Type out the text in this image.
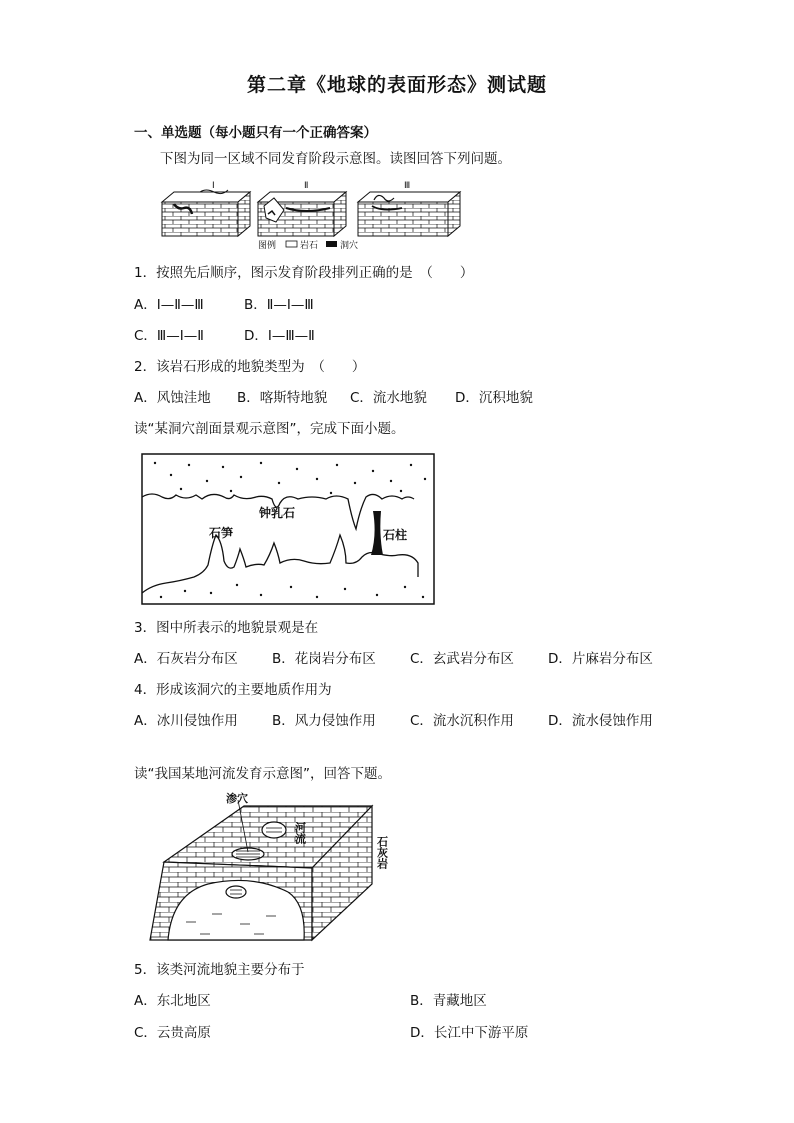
第二章《地球的表面形态》测试题
一、单选题（每小题只有一个正确答案）
下图为同一区域不同发育阶段示意图。读图回答下列问题。
Ⅰ	Ⅱ	Ⅲ
图例	岩石 洞穴
1．按照先后顺序，图示发育阶段排列正确的是　（　　）
A．Ⅰ—Ⅱ—Ⅲ	B．Ⅱ—Ⅰ—Ⅲ
C．Ⅲ—Ⅰ—Ⅱ	D．Ⅰ—Ⅲ—Ⅱ
2．该岩石形成的地貌类型为　（　　）
A．风蚀洼地 B．喀斯特地貌 C．流水地貌 D．沉积地貌
读“某洞穴剖面景观示意图”，完成下面小题。
钟乳石
石笋	石柱
3．图中所表示的地貌景观是在
A．石灰岩分布区	B．花岗岩分布区	C．玄武岩分布区	D．片麻岩分布区
4．形成该洞穴的主要地质作用为
A．冰川侵蚀作用	B．风力侵蚀作用	C．流水沉积作用	D．流水侵蚀作用
读“我国某地河流发育示意图”，回答下题。
渗穴
河流
石灰岩
5．该类河流地貌主要分布于
A．东北地区	B．青藏地区
C．云贵高原	D．长江中下游平原
